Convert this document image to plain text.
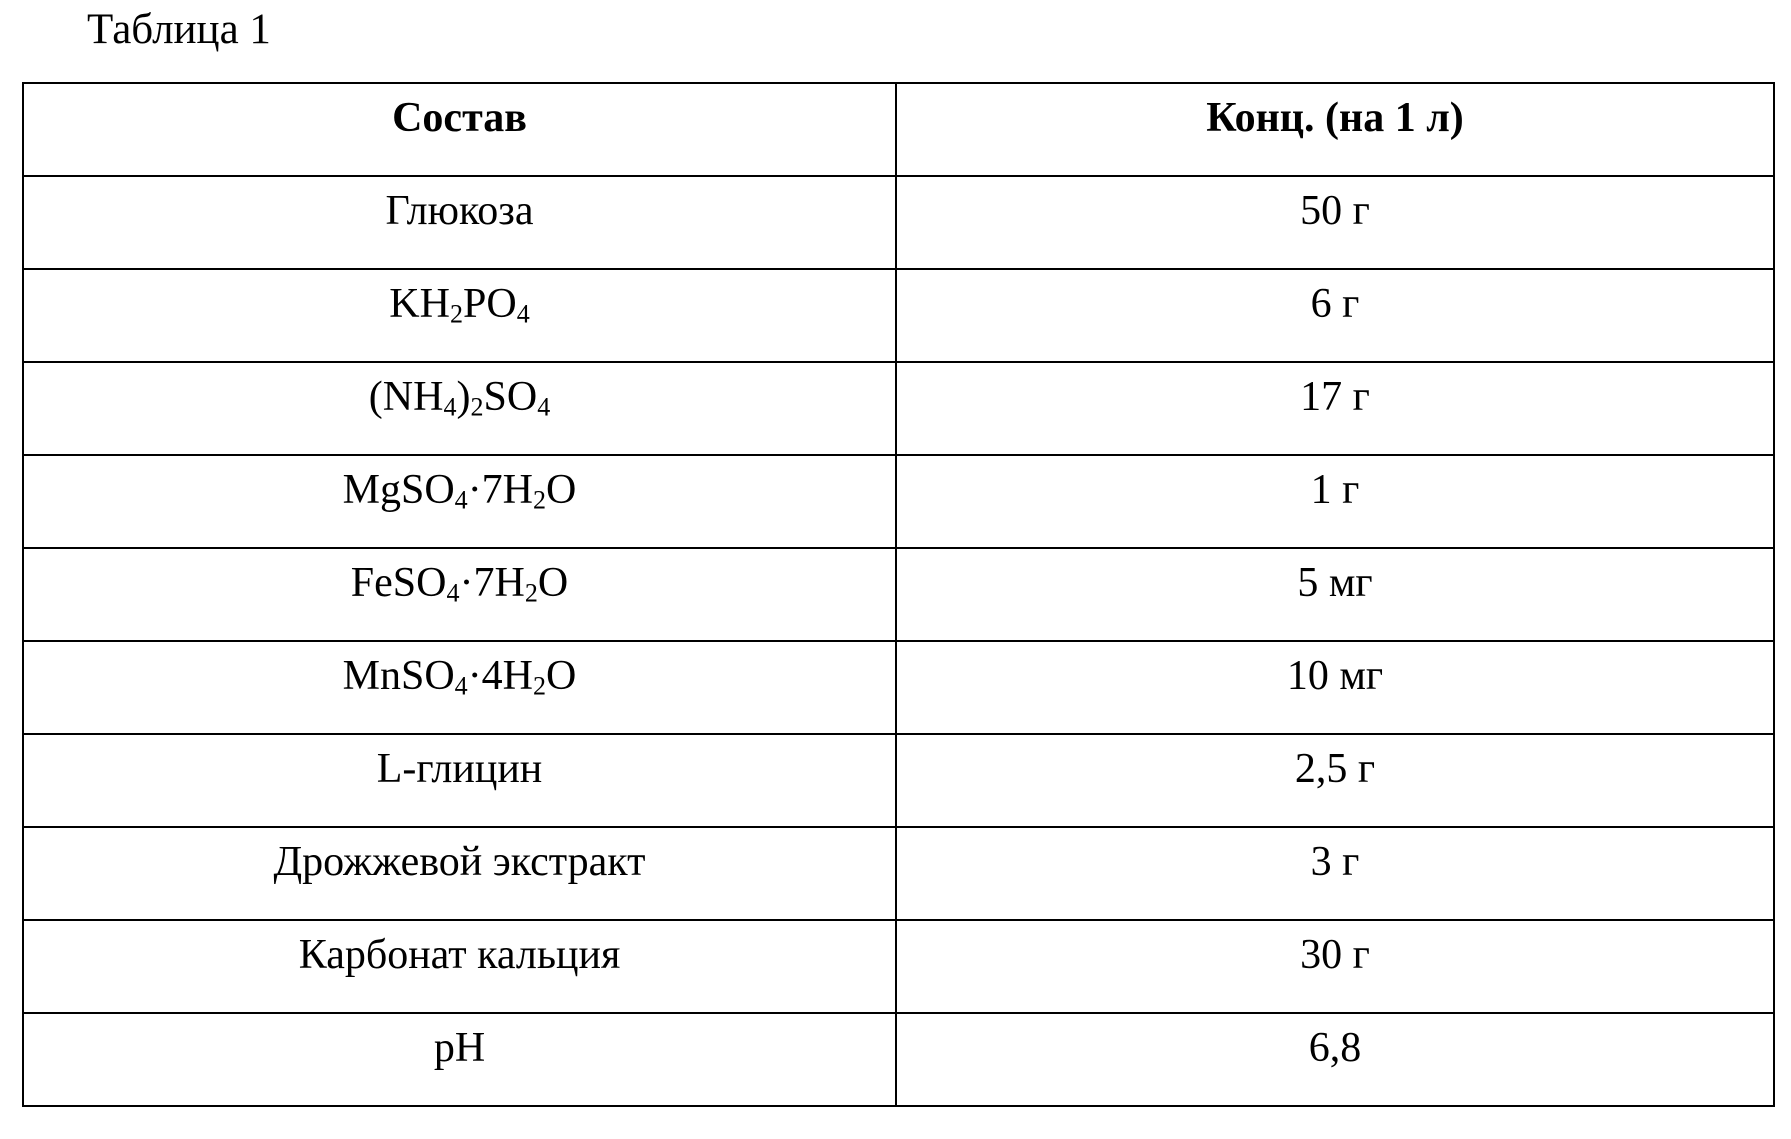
Таблица 1
Состав	Конц. (на 1 л)
Глюкоза	50 г
$KH_2PO_4$	6 г
$(NH_4)_2SO_4$	17 г
$MgSO_4\cdot 7H_2O$	1 г
$FeSO_4\cdot 7H_2O$	5 мг
$MnSO_4\cdot 4H_2O$	10 мг
L-глицин	2,5 г
Дрожжевой экстракт	3 г
Карбонат кальция	30 г
pH	6,8
